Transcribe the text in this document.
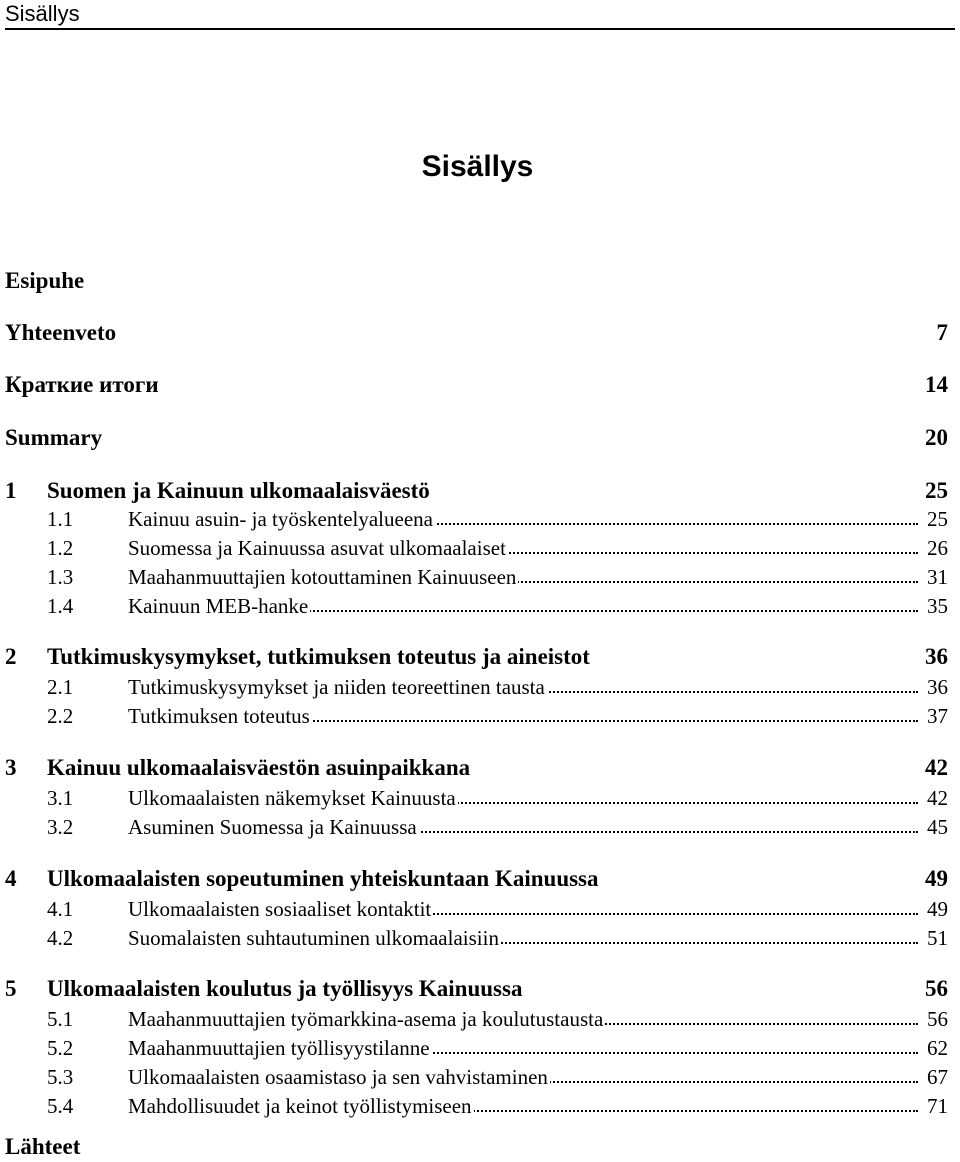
Sisällys
Sisällys
Esipuhe
Yhteenveto	7
Краткие итоги	14
Summary	20
1 Suomen ja Kainuun ulkomaalaisväestö	25
1.1	Kainuu asuin- ja työskentelyalueena	25
1.2	Suomessa ja Kainuussa asuvat ulkomaalaiset	26
1.3	Maahanmuuttajien kotouttaminen Kainuuseen	31
1.4	Kainuun MEB-hanke	35
2 Tutkimuskysymykset, tutkimuksen toteutus ja aineistot	36
2.1	Tutkimuskysymykset ja niiden teoreettinen tausta	36
2.2	Tutkimuksen toteutus	37
3 Kainuu ulkomaalaisväestön asuinpaikkana	42
3.1	Ulkomaalaisten näkemykset Kainuusta	42
3.2	Asuminen Suomessa ja Kainuussa	45
4 Ulkomaalaisten sopeutuminen yhteiskuntaan Kainuussa	49
4.1	Ulkomaalaisten sosiaaliset kontaktit	49
4.2	Suomalaisten suhtautuminen ulkomaalaisiin	51
5 Ulkomaalaisten koulutus ja työllisyys Kainuussa	56
5.1	Maahanmuuttajien työmarkkina-asema ja koulutustausta	56
5.2	Maahanmuuttajien työllisyystilanne	62
5.3	Ulkomaalaisten osaamistaso ja sen vahvistaminen	67
5.4	Mahdollisuudet ja keinot työllistymiseen	71
Lähteet
